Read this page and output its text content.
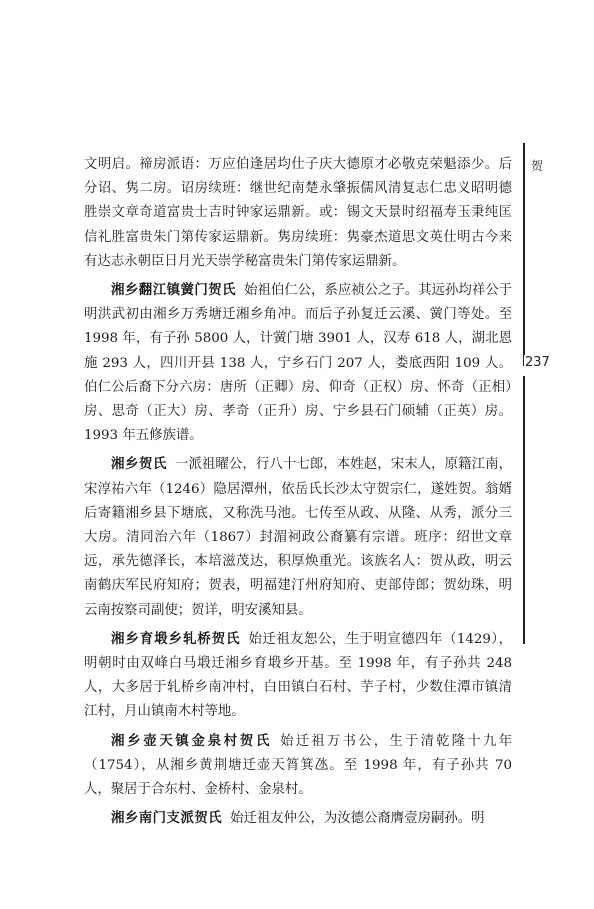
文明启。禘房派语：万应伯逢居均仕子庆大德原才必敬克荣魁添少。后分诏、隽二房。诏房续班：继世纪南楚永肇振儒风清复志仁忠义昭明德胜崇文章奇道富贵士吉时钟家运鼎新。或：锡文天景时绍福寿玉秉纯匡信礼胜富贵朱门第传家运鼎新。隽房续班：隽豪杰道思文英仕明古今来有达志永朝臣日月光天崇学秘富贵朱门第传家运鼎新。

湘乡翻江镇黉门贺氏 始祖伯仁公，系应祯公之子。其远孙均祥公于明洪武初由湘乡万秀塘迁湘乡角冲。而后子孙复迁云溪、黉门等处。至 1998 年，有子孙 5800 人，计黉门塘 3901 人，汉寿 618 人，湖北恩施 293 人，四川开县 138 人，宁乡石门 207 人，娄底西阳 109 人。伯仁公后裔下分六房：唐所（正卿）房、仰奇（正权）房、怀奇（正相）房、思奇（正大）房、孝奇（正升）房、宁乡县石门硕辅（正英）房。1993 年五修族谱。

湘乡贺氏 一派祖曜公，行八十七郎，本姓赵，宋末人，原籍江南，宋淳祐六年（1246）隐居潭州，依岳氏长沙太守贺宗仁，遂姓贺。翁婿后寄籍湘乡县下塘底，又称洗马池。七传至从政、从隆、从秀，派分三大房。清同治六年（1867）封湄祠政公裔纂有宗谱。班序：绍世文章远，承先德泽长，本培滋茂达，积厚焕重光。该族名人：贺从政，明云南鹤庆军民府知府；贺表，明福建汀州府知府、吏部侍郎；贺幼珠，明云南按察司副使；贺详，明安溪知县。

湘乡育塅乡轧桥贺氏 始迁祖友恕公，生于明宣德四年（1429），明朝时由双峰白马塅迁湘乡育塅乡开基。至 1998 年，有子孙共 248 人，大多居于轧桥乡南冲村，白田镇白石村、芋子村，少数住潭市镇清江村，月山镇南木村等地。

湘乡壶天镇金泉村贺氏 始迁祖万书公，生于清乾隆十九年（1754），从湘乡黄荆塘迁壶天筲箕氹。至 1998 年，有子孙共 70 人，聚居于合东村、金桥村、金泉村。

湘乡南门支派贺氏 始迁祖友仲公，为汝德公裔膺壹房嗣孙。明

贺
237
